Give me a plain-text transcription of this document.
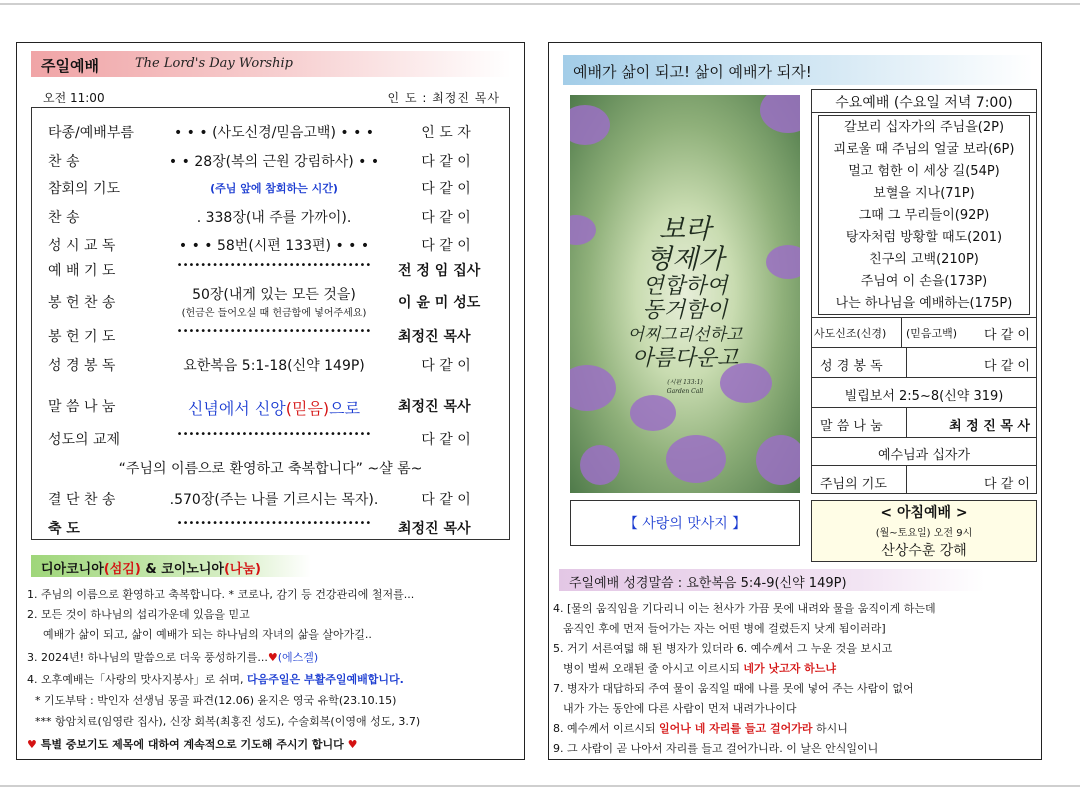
주일예배	The Lord's Day Worship
오전 11:00	인 도 : 최정진 목사
타종/예배부름	• • • (사도신경/믿음고백) • • •	인 도 자
찬 송	• • 28장(복의 근원 강림하사) • •	다 같 이
참회의 기도	(주님 앞에 참회하는 시간)	다 같 이
찬 송	. 338장(내 주를 가까이).	다 같 이
성 시 교 독	• • • 58번(시편 133편) • • •	다 같 이
예 배 기 도	•••••••••••••••••••••••••••••••••	전 정 임 집사
봉 헌 찬 송	50장(내게 있는 모든 것을)	이 윤 미 성도
(헌금은 들어오실 때 헌금함에 넣어주세요)
봉 헌 기 도	•••••••••••••••••••••••••••••••••	최정진 목사
성 경 봉 독	요한복음 5:1-18(신약 149P)	다 같 이
말 씀 나 눔	신념에서 신앙(믿음)으로	최정진 목사
성도의 교제	•••••••••••••••••••••••••••••••••	다 같 이
“주님의 이름으로 환영하고 축복합니다” ~샬 롬~
결 단 찬 송	.570장(주는 나를 기르시는 목자).	다 같 이
축 도	•••••••••••••••••••••••••••••••••	최정진 목사
디아코니아(섬김) & 코이노니아(나눔)
1. 주님의 이름으로 환영하고 축복합니다. * 코로나, 감기 등 건강관리에 철저를...
2. 모든 것이 하나님의 섭리가운데 있음을 믿고
예배가 삶이 되고, 삶이 예배가 되는 하나님의 자녀의 삶을 살아가길..
3. 2024년! 하나님의 말씀으로 더욱 풍성하기를...♥(에스겔)
4. 오후예배는「사랑의 맛사지봉사」로 쉬며, 다음주일은 부활주일예배합니다.
* 기도부탁 : 박인자 선생님 몽골 파견(12.06) 윤지은 영국 유학(23.10.15)
*** 항암치료(임영란 집사), 신장 회복(최홍진 성도), 수술회복(이영애 성도, 3.7)
♥ 특별 중보기도 제목에 대하여 계속적으로 기도해 주시기 합니다 ♥
예배가 삶이 되고! 삶이 예배가 되자!
보라
형제가
연합하여
동거함이
어찌그리선하고
아름다운고
(시편 133:1)
Garden Call
【 사랑의 맛사지 】
수요예배 (수요일 저녁 7:00)
갈보리 십자가의 주님을(2P)
괴로울 때 주님의 얼굴 보라(6P)
멀고 험한 이 세상 길(54P)
보혈을 지나(71P)
그때 그 무리들이(92P)
탕자처럼 방황할 때도(201)
친구의 고백(210P)
주님여 이 손을(173P)
나는 하나님을 예배하는(175P)
사도신조(신경) (믿음고백) 다 같 이
성 경 봉 독	다 같 이
빌립보서 2:5~8(신약 319)
말 씀 나 눔	최 정 진 목 사
예수님과 십자가
주님의 기도	다 같 이
< 아침예배 >
(월~토요일) 오전 9시
산상수훈 강해
주일예배 성경말씀 : 요한복음 5:4-9(신약 149P)
4. [물의 움직임을 기다리니 이는 천사가 가끔 못에 내려와 물을 움직이게 하는데
움직인 후에 먼저 들어가는 자는 어떤 병에 걸렸든지 낫게 됨이러라]
5. 거기 서른여덟 해 된 병자가 있더라 6. 예수께서 그 누운 것을 보시고
병이 벌써 오래된 줄 아시고 이르시되 네가 낫고자 하느냐
7. 병자가 대답하되 주여 물이 움직일 때에 나를 못에 넣어 주는 사람이 없어
내가 가는 동안에 다른 사람이 먼저 내려가나이다
8. 예수께서 이르시되 일어나 네 자리를 들고 걸어가라 하시니
9. 그 사람이 곧 나아서 자리를 들고 걸어가니라. 이 날은 안식일이니
